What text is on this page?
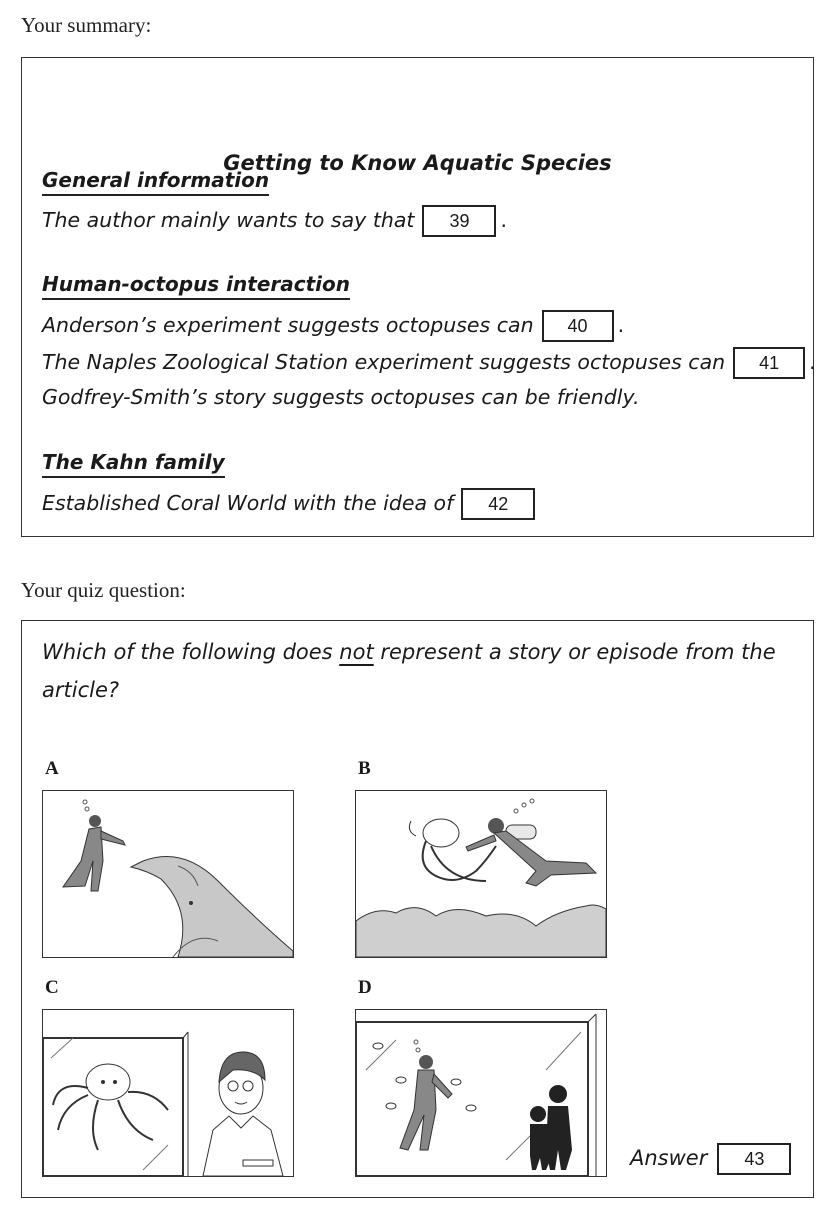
Your summary:
Getting to Know Aquatic Species
General information
The author mainly wants to say that 39 .
Human-octopus interaction
Anderson’s experiment suggests octopuses can 40 .
The Naples Zoological Station experiment suggests octopuses can 41 .
Godfrey-Smith’s story suggests octopuses can be friendly.
The Kahn family
Established Coral World with the idea of 42
Your quiz question:
Which of the following does not represent a story or episode from the article?
A	B
C	D
Answer 43
